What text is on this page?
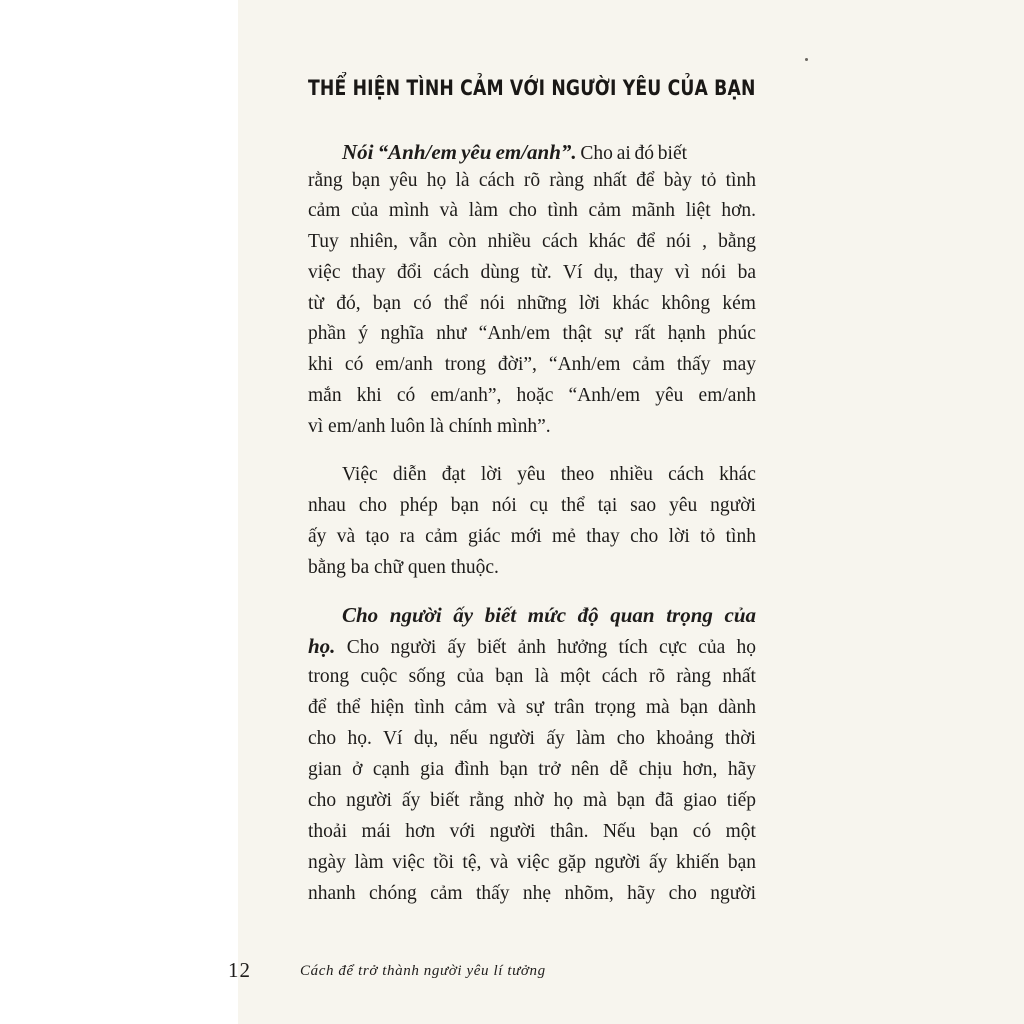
THỂ HIỆN TÌNH CẢM VỚI NGƯỜI YÊU CỦA BẠN
Nói “Anh/em yêu em/anh”. Cho ai đó biết
rằng bạn yêu họ là cách rõ ràng nhất để bày tỏ tình
cảm của mình và làm cho tình cảm mãnh liệt hơn.
Tuy nhiên, vẫn còn nhiều cách khác để nói , bằng
việc thay đổi cách dùng từ. Ví dụ, thay vì nói ba
từ đó, bạn có thể nói những lời khác không kém
phần ý nghĩa như “Anh/em thật sự rất hạnh phúc
khi có em/anh trong đời”, “Anh/em cảm thấy may
mắn khi có em/anh”, hoặc “Anh/em yêu em/anh
vì em/anh luôn là chính mình”.
Việc diễn đạt lời yêu theo nhiều cách khác
nhau cho phép bạn nói cụ thể tại sao yêu người
ấy và tạo ra cảm giác mới mẻ thay cho lời tỏ tình
bằng ba chữ quen thuộc.
Cho người ấy biết mức độ quan trọng của
họ. Cho người ấy biết ảnh hưởng tích cực của họ
trong cuộc sống của bạn là một cách rõ ràng nhất
để thể hiện tình cảm và sự trân trọng mà bạn dành
cho họ. Ví dụ, nếu người ấy làm cho khoảng thời
gian ở cạnh gia đình bạn trở nên dễ chịu hơn, hãy
cho người ấy biết rằng nhờ họ mà bạn đã giao tiếp
thoải mái hơn với người thân. Nếu bạn có một
ngày làm việc tồi tệ, và việc gặp người ấy khiến bạn
nhanh chóng cảm thấy nhẹ nhõm, hãy cho người
12	Cách để trở thành người yêu lí tưởng
